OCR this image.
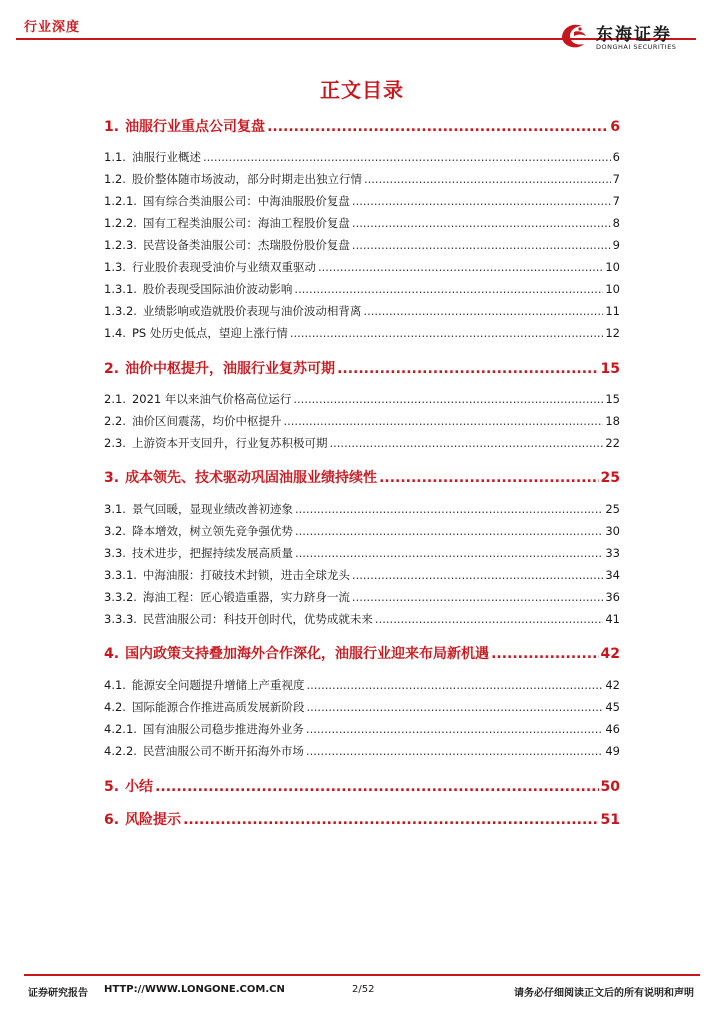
行业深度	东海证券
DONGHAI SECURITIES
正文目录
1. 油服行业重点公司复盘 .....	6
1.1. 油服行业概述 .....	6
1.2. 股价整体随市场波动，部分时期走出独立行情 .....	7
1.2.1. 国有综合类油服公司：中海油服股价复盘 .....	7
1.2.2. 国有工程类油服公司：海油工程股价复盘 .....	8
1.2.3. 民营设备类油服公司：杰瑞股份股价复盘 .....	9
1.3. 行业股价表现受油价与业绩双重驱动 .....	10
1.3.1. 股价表现受国际油价波动影响 .....	10
1.3.2. 业绩影响或造就股价表现与油价波动相背离 .....	11
1.4. PS 处历史低点，望迎上涨行情 .....	12
2. 油价中枢提升，油服行业复苏可期 .....	15
2.1. 2021 年以来油气价格高位运行 .....	15
2.2. 油价区间震荡，均价中枢提升 .....	18
2.3. 上游资本开支回升，行业复苏积极可期 .....	22
3. 成本领先、技术驱动巩固油服业绩持续性 .....	25
3.1. 景气回暖，显现业绩改善初迹象 .....	25
3.2. 降本增效，树立领先竞争强优势 .....	30
3.3. 技术进步，把握持续发展高质量 .....	33
3.3.1. 中海油服：打破技术封锁，进击全球龙头 .....	34
3.3.2. 海油工程：匠心锻造重器，实力跻身一流 .....	36
3.3.3. 民营油服公司：科技开创时代，优势成就未来 .....	41
4. 国内政策支持叠加海外合作深化，油服行业迎来布局新机遇 .....	42
4.1. 能源安全问题提升增储上产重视度 .....	42
4.2. 国际能源合作推进高质发展新阶段 .....	45
4.2.1. 国有油服公司稳步推进海外业务 .....	46
4.2.2. 民营油服公司不断开拓海外市场 .....	49
5. 小结 .....	50
6. 风险提示 .....	51
证券研究报告 HTTP://WWW.LONGONE.COM.CN	2/52	请务必仔细阅读正文后的所有说明和声明
